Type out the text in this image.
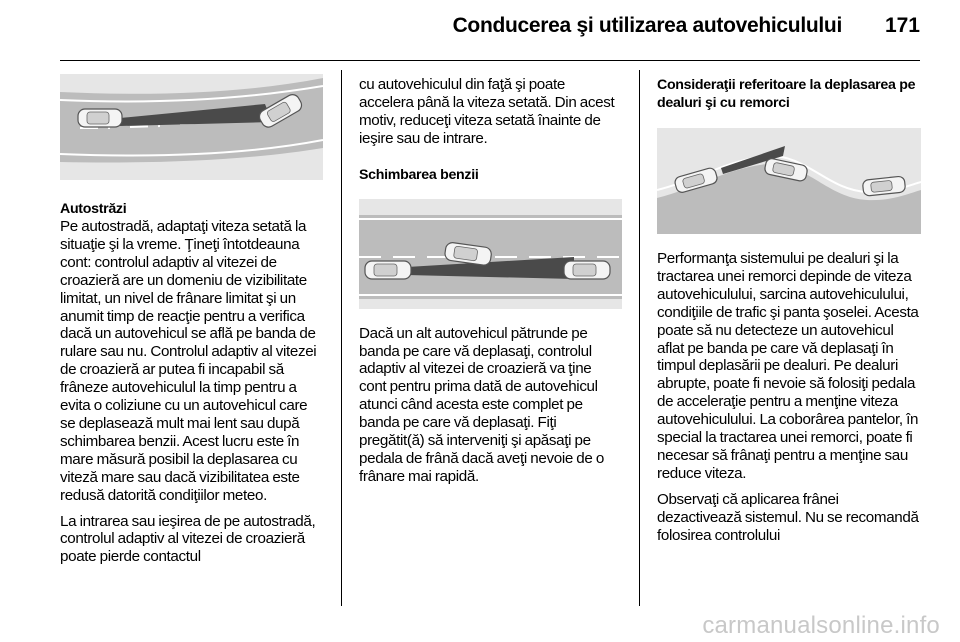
Conducerea şi utilizarea autovehiculului 171
Autostrăzi
Pe autostradă, adaptaţi viteza setată la situaţie şi la vreme. Ţineţi întotdeauna cont: controlul adaptiv al vitezei de croazieră are un domeniu de vizibilitate limitat, un nivel de frânare limitat şi un anumit timp de reacţie pentru a verifica dacă un autovehicul se află pe banda de rulare sau nu. Controlul adaptiv al vitezei de croazieră ar putea fi incapabil să frâneze autovehiculul la timp pentru a evita o coliziune cu un autovehicul care se deplasează mult mai lent sau după schimbarea benzii. Acest lucru este în mare măsură posibil la deplasarea cu viteză mare sau dacă vizibilitatea este redusă datorită condiţiilor meteo.
La intrarea sau ieşirea de pe autostradă, controlul adaptiv al vitezei de croazieră poate pierde contactul
cu autovehiculul din faţă şi poate accelera până la viteza setată. Din acest motiv, reduceţi viteza setată înainte de ieşire sau de intrare.
Schimbarea benzii
Dacă un alt autovehicul pătrunde pe banda pe care vă deplasaţi, controlul adaptiv al vitezei de croazieră va ţine cont pentru prima dată de autovehicul atunci când acesta este complet pe banda pe care vă deplasaţi. Fiţi pregătit(ă) să interveniţi şi apăsaţi pe pedala de frână dacă aveţi nevoie de o frânare mai rapidă.
Consideraţii referitoare la deplasarea pe dealuri şi cu remorci
Performanţa sistemului pe dealuri şi la tractarea unei remorci depinde de viteza autovehiculului, sarcina autovehiculului, condiţiile de trafic şi panta şoselei. Acesta poate să nu detecteze un autovehicul aflat pe banda pe care vă deplasaţi în timpul deplasării pe dealuri. Pe dealuri abrupte, poate fi nevoie să folosiţi pedala de acceleraţie pentru a menţine viteza autovehiculului. La coborârea pantelor, în special la tractarea unei remorci, poate fi necesar să frânaţi pentru a menţine sau reduce viteza.
Observaţi că aplicarea frânei dezactivează sistemul. Nu se recomandă folosirea controlului
carmanualsonline.info
